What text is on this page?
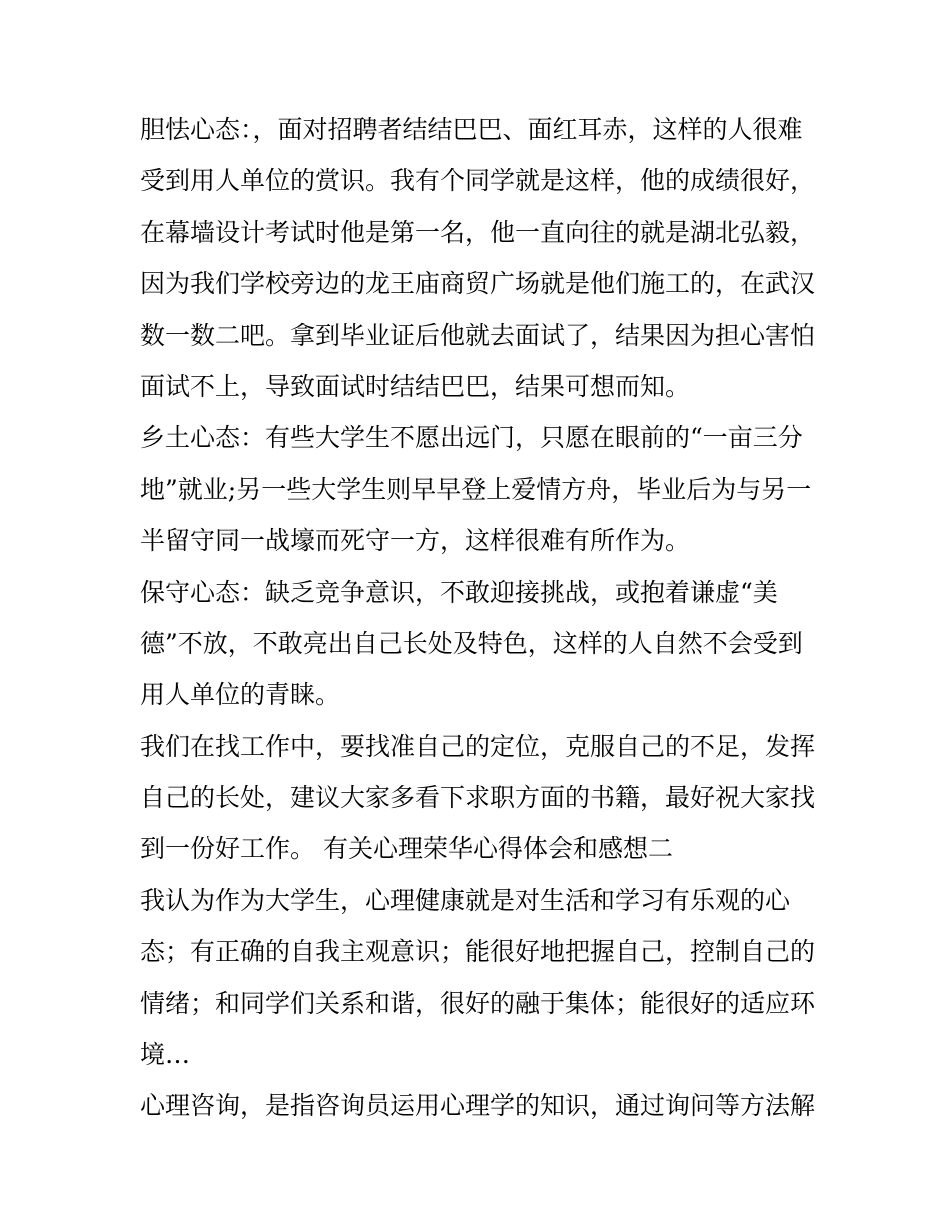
胆怯心态：，面对招聘者结结巴巴、面红耳赤，这样的人很难
受到用人单位的赏识。我有个同学就是这样，他的成绩很好，
在幕墙设计考试时他是第一名，他一直向往的就是湖北弘毅，
因为我们学校旁边的龙王庙商贸广场就是他们施工的，在武汉
数一数二吧。拿到毕业证后他就去面试了，结果因为担心害怕
面试不上，导致面试时结结巴巴，结果可想而知。
乡土心态：有些大学生不愿出远门，只愿在眼前的“一亩三分
地”就业;另一些大学生则早早登上爱情方舟，毕业后为与另一
半留守同一战壕而死守一方，这样很难有所作为。
保守心态：缺乏竞争意识，不敢迎接挑战，或抱着谦虚“美
德”不放，不敢亮出自己长处及特色，这样的人自然不会受到
用人单位的青睐。
我们在找工作中，要找准自己的定位，克服自己的不足，发挥
自己的长处，建议大家多看下求职方面的书籍，最好祝大家找
到一份好工作。 有关心理荣华心得体会和感想二
我认为作为大学生，心理健康就是对生活和学习有乐观的心
态；有正确的自我主观意识；能很好地把握自己，控制自己的
情绪；和同学们关系和谐，很好的融于集体；能很好的适应环
境…
心理咨询，是指咨询员运用心理学的知识，通过询问等方法解
